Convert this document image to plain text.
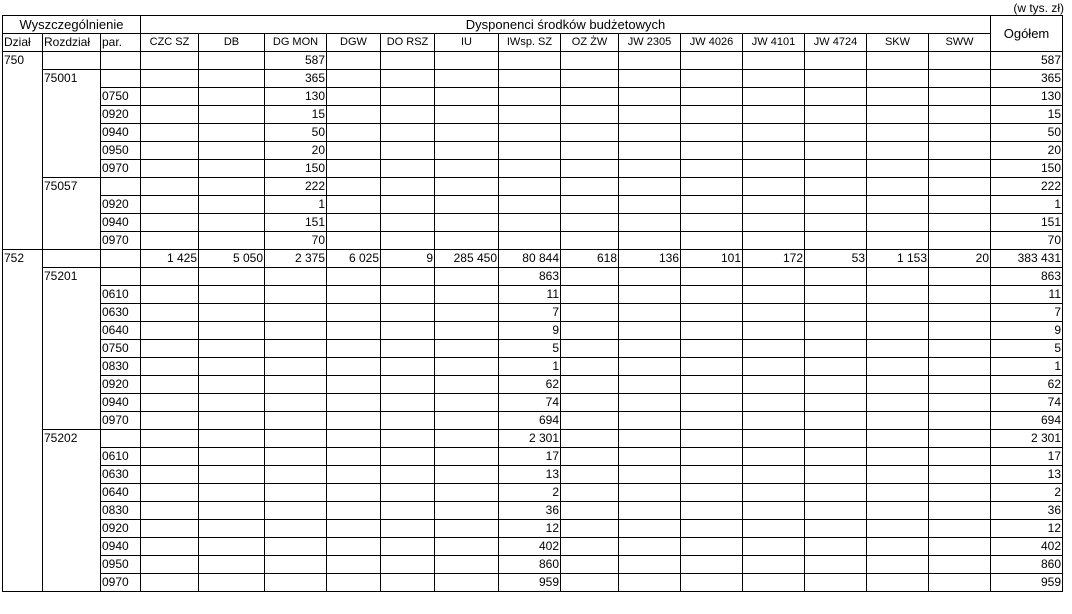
(w tys. zł)
Wyszczególnienie			Dysponenci środków budżetowych														Ogółem
Dział	Rozdział	par.	CZC SZ	DB	DG MON	DGW	DO RSZ	IU	IWsp. SZ	OZ ŻW	JW 2305	JW 4026	JW 4101	JW 4724	SKW	SWW	
750					587												587
	75001				365												365
		0750			130												130
		0920			15												15
		0940			50												50
		0950			20												20
		0970			150												150
	75057				222												222
		0920			1												1
		0940			151												151
		0970			70												70
752			1 425	5 050	2 375	6 025	9	285 450	80 844	618	136	101	172	53	1 153	20	383 431
	75201								863								863
		0610							11								11
		0630							7								7
		0640							9								9
		0750							5								5
		0830							1								1
		0920							62								62
		0940							74								74
		0970							694								694
	75202								2 301								2 301
		0610							17								17
		0630							13								13
		0640							2								2
		0830							36								36
		0920							12								12
		0940							402								402
		0950							860								860
		0970							959								959
